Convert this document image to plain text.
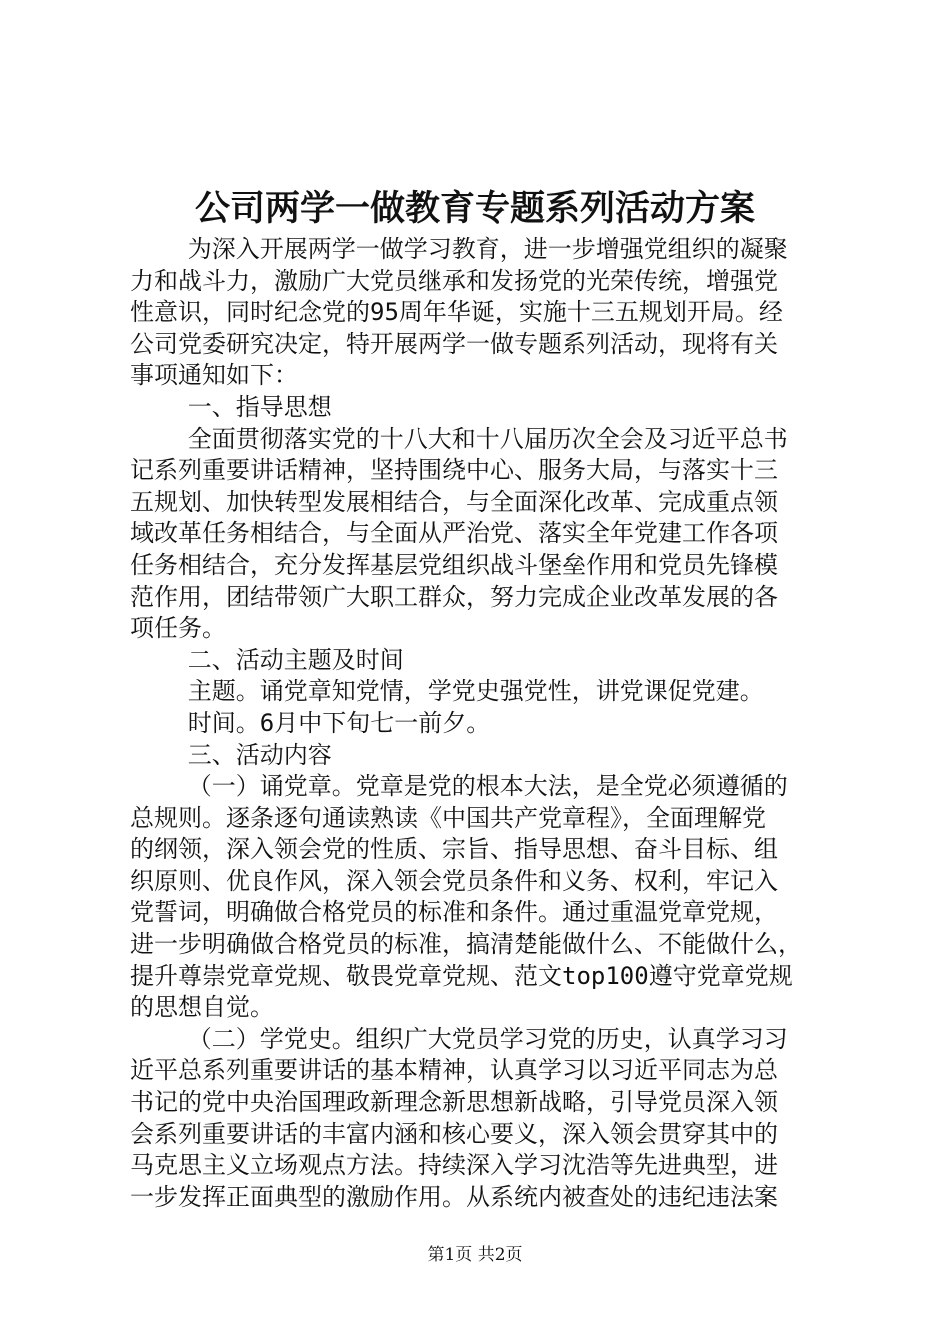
公司两学一做教育专题系列活动方案
为深入开展两学一做学习教育，进一步增强党组织的凝聚
力和战斗力，激励广大党员继承和发扬党的光荣传统，增强党
性意识，同时纪念党的95周年华诞，实施十三五规划开局。经
公司党委研究决定，特开展两学一做专题系列活动，现将有关
事项通知如下：
一、指导思想
全面贯彻落实党的十八大和十八届历次全会及习近平总书
记系列重要讲话精神，坚持围绕中心、服务大局，与落实十三
五规划、加快转型发展相结合，与全面深化改革、完成重点领
域改革任务相结合，与全面从严治党、落实全年党建工作各项
任务相结合，充分发挥基层党组织战斗堡垒作用和党员先锋模
范作用，团结带领广大职工群众，努力完成企业改革发展的各
项任务。
二、活动主题及时间
主题。诵党章知党情，学党史强党性，讲党课促党建。
时间。6月中下旬七一前夕。
三、活动内容
（一）诵党章。党章是党的根本大法，是全党必须遵循的
总规则。逐条逐句通读熟读《中国共产党章程》，全面理解党
的纲领，深入领会党的性质、宗旨、指导思想、奋斗目标、组
织原则、优良作风，深入领会党员条件和义务、权利，牢记入
党誓词，明确做合格党员的标准和条件。通过重温党章党规，
进一步明确做合格党员的标准，搞清楚能做什么、不能做什么，
提升尊崇党章党规、敬畏党章党规、范文top100遵守党章党规
的思想自觉。
（二）学党史。组织广大党员学习党的历史，认真学习习
近平总系列重要讲话的基本精神，认真学习以习近平同志为总
书记的党中央治国理政新理念新思想新战略，引导党员深入领
会系列重要讲话的丰富内涵和核心要义，深入领会贯穿其中的
马克思主义立场观点方法。持续深入学习沈浩等先进典型，进
一步发挥正面典型的激励作用。从系统内被查处的违纪违法案
第1页 共2页
